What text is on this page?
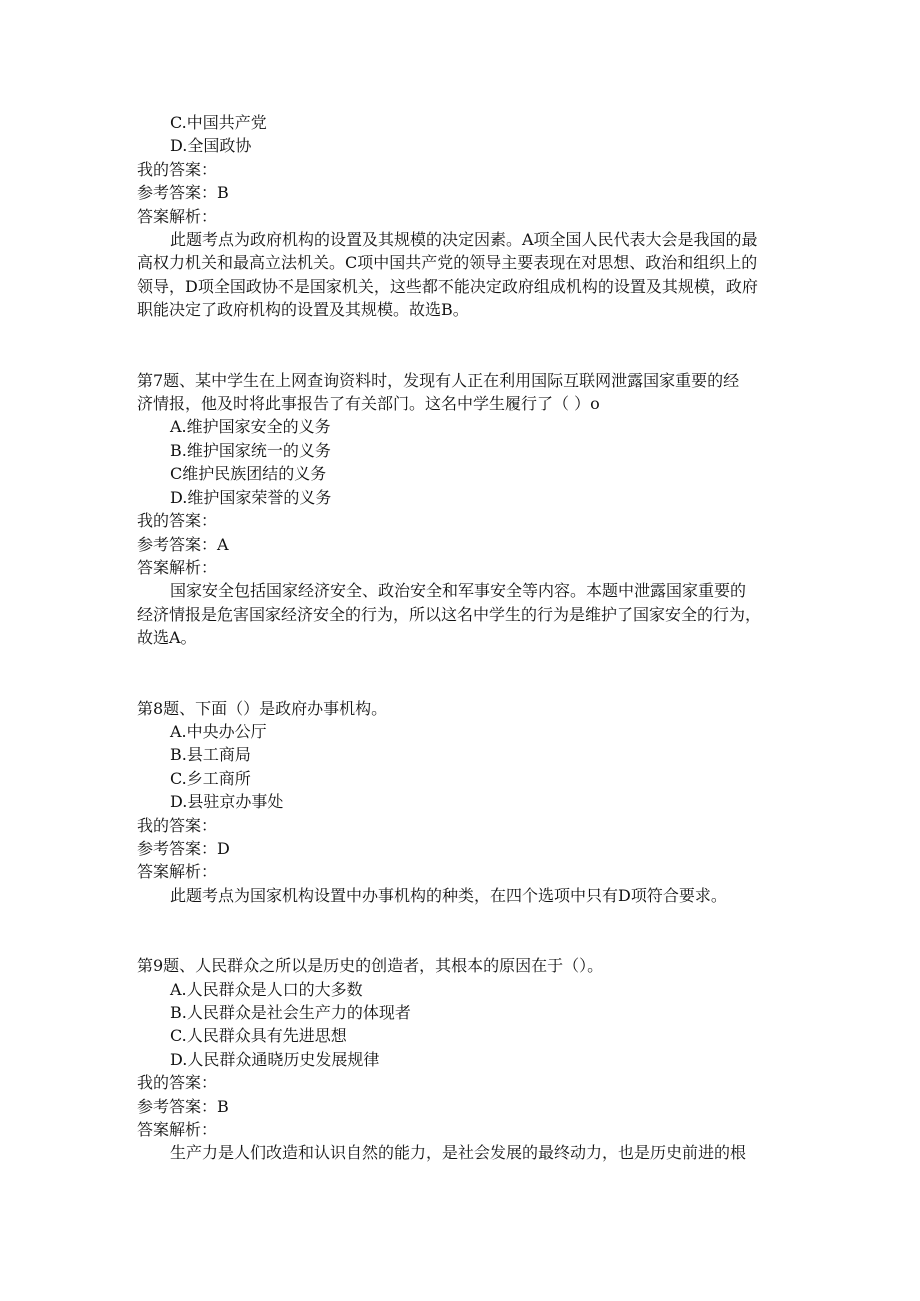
C.中国共产党
D.全国政协
我的答案：
参考答案：B
答案解析：
此题考点为政府机构的设置及其规模的决定因素。A项全国人民代表大会是我国的最
高权力机关和最高立法机关。C项中国共产党的领导主要表现在对思想、政治和组织上的
领导，D项全国政协不是国家机关，这些都不能决定政府组成机构的设置及其规模，政府
职能决定了政府机构的设置及其规模。故选B。
第7题、某中学生在上网查询资料时，发现有人正在利用国际互联网泄露国家重要的经
济情报，他及时将此事报告了有关部门。这名中学生履行了（ ）o
A.维护国家安全的义务
B.维护国家统一的义务
C维护民族团结的义务
D.维护国家荣誉的义务
我的答案：
参考答案：A
答案解析：
国家安全包括国家经济安全、政治安全和军事安全等内容。本题中泄露国家重要的
经济情报是危害国家经济安全的行为，所以这名中学生的行为是维护了国家安全的行为，
故选A。
第8题、下面（）是政府办事机构。
A.中央办公厅
B.县工商局
C.乡工商所
D.县驻京办事处
我的答案：
参考答案：D
答案解析：
此题考点为国家机构设置中办事机构的种类，在四个选项中只有D项符合要求。
第9题、人民群众之所以是历史的创造者，其根本的原因在于（）。
A.人民群众是人口的大多数
B.人民群众是社会生产力的体现者
C.人民群众具有先进思想
D.人民群众通晓历史发展规律
我的答案：
参考答案：B
答案解析：
生产力是人们改造和认识自然的能力，是社会发展的最终动力，也是历史前进的根
